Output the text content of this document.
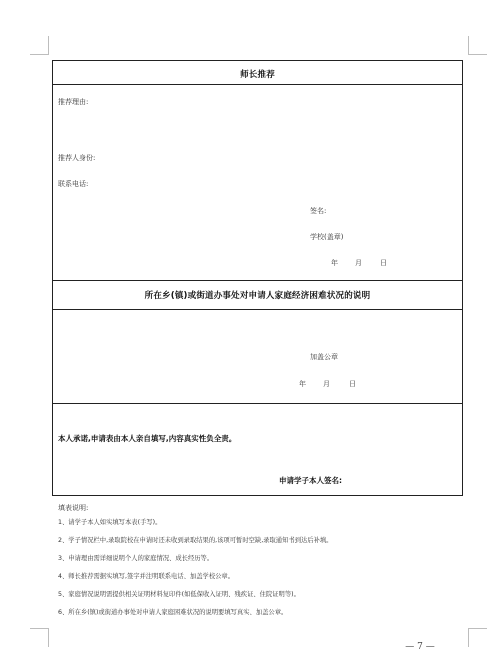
师长推荐
推荐理由:
推荐人身份:
联系电话:
签名:
学校(盖章)
年 月	日
所在乡(镇)或街道办事处对申请人家庭经济困难状况的说明
加盖公章
年 月	日
本人承诺,申请表由本人亲自填写,内容真实性负全责。
申请学子本人签名:
填表说明:
1、请学子本人如实填写本表(手写)。
2、学子情况栏中,录取院校在申请时还未收到录取结果的,该项可暂时空缺,录取通知书到达后补填。
3、申请理由需详细说明个人的家庭情况、成长经历等。
4、师长推荐需据实填写,签字并注明联系电话、加盖学校公章。
5、家庭情况说明需提供相关证明材料复印件(如低保收入证明、残疾证、住院证明等)。
6、所在乡(镇)或街道办事处对申请人家庭困难状况的说明要填写真实、加盖公章。
— 7 —
